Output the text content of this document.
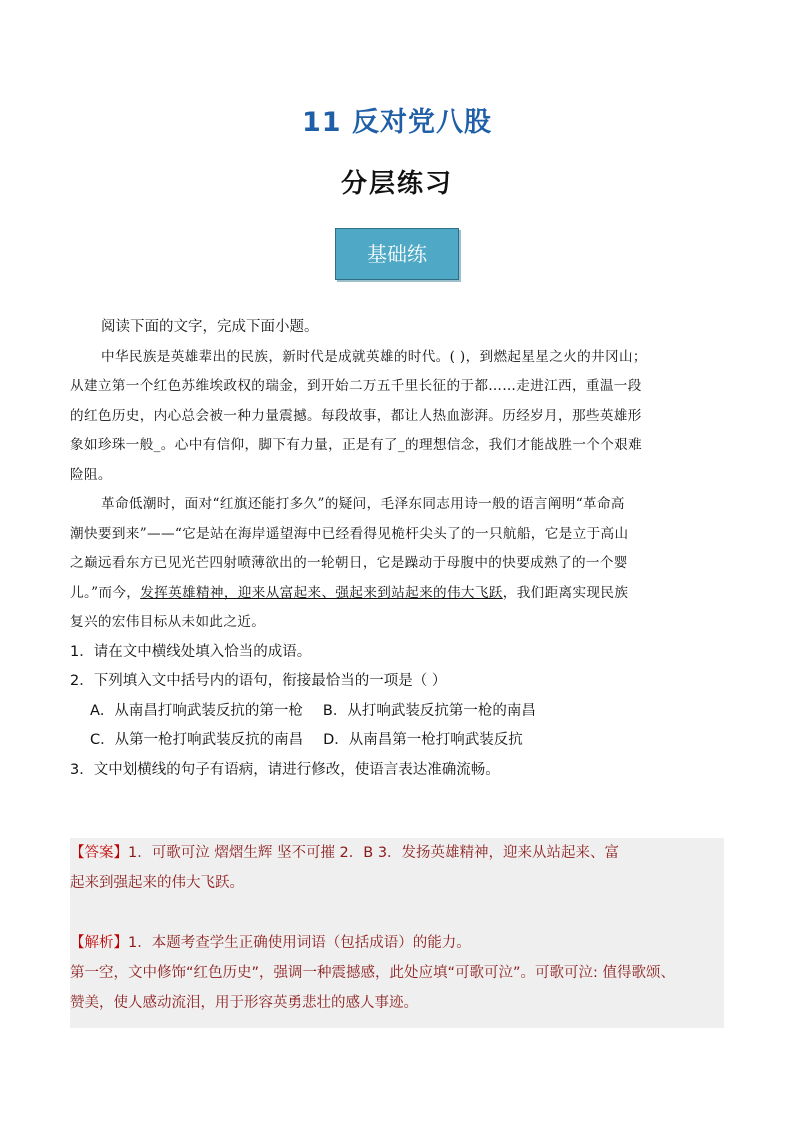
11 反对党八股
分层练习
基础练
阅读下面的文字，完成下面小题。
中华民族是英雄辈出的民族，新时代是成就英雄的时代。( )，到燃起星星之火的井冈山；
从建立第一个红色苏维埃政权的瑞金，到开始二万五千里长征的于都……走进江西，重温一段
的红色历史，内心总会被一种力量震撼。每段故事，都让人热血澎湃。历经岁月，那些英雄形
象如珍珠一般_。心中有信仰，脚下有力量，正是有了_的理想信念，我们才能战胜一个个艰难
险阻。
革命低潮时，面对“红旗还能打多久”的疑问，毛泽东同志用诗一般的语言阐明“革命高
潮快要到来”——“它是站在海岸遥望海中已经看得见桅杆尖头了的一只航船，它是立于高山
之巅远看东方已见光芒四射喷薄欲出的一轮朝日，它是躁动于母腹中的快要成熟了的一个婴
儿。”而今，发挥英雄精神，迎来从富起来、强起来到站起来的伟大飞跃，我们距离实现民族
复兴的宏伟目标从未如此之近。
1．请在文中横线处填入恰当的成语。
2．下列填入文中括号内的语句，衔接最恰当的一项是（ ）
A．从南昌打响武装反抗的第一枪 B．从打响武装反抗第一枪的南昌
C．从第一枪打响武装反抗的南昌 D．从南昌第一枪打响武装反抗
3．文中划横线的句子有语病，请进行修改，使语言表达准确流畅。
【答案】1．可歌可泣 熠熠生辉 坚不可摧 2．B 3．发扬英雄精神，迎来从站起来、富
起来到强起来的伟大飞跃。
【解析】1．本题考查学生正确使用词语（包括成语）的能力。
第一空，文中修饰“红色历史”，强调一种震撼感，此处应填“可歌可泣”。可歌可泣: 值得歌颂、
赞美，使人感动流泪，用于形容英勇悲壮的感人事迹。
